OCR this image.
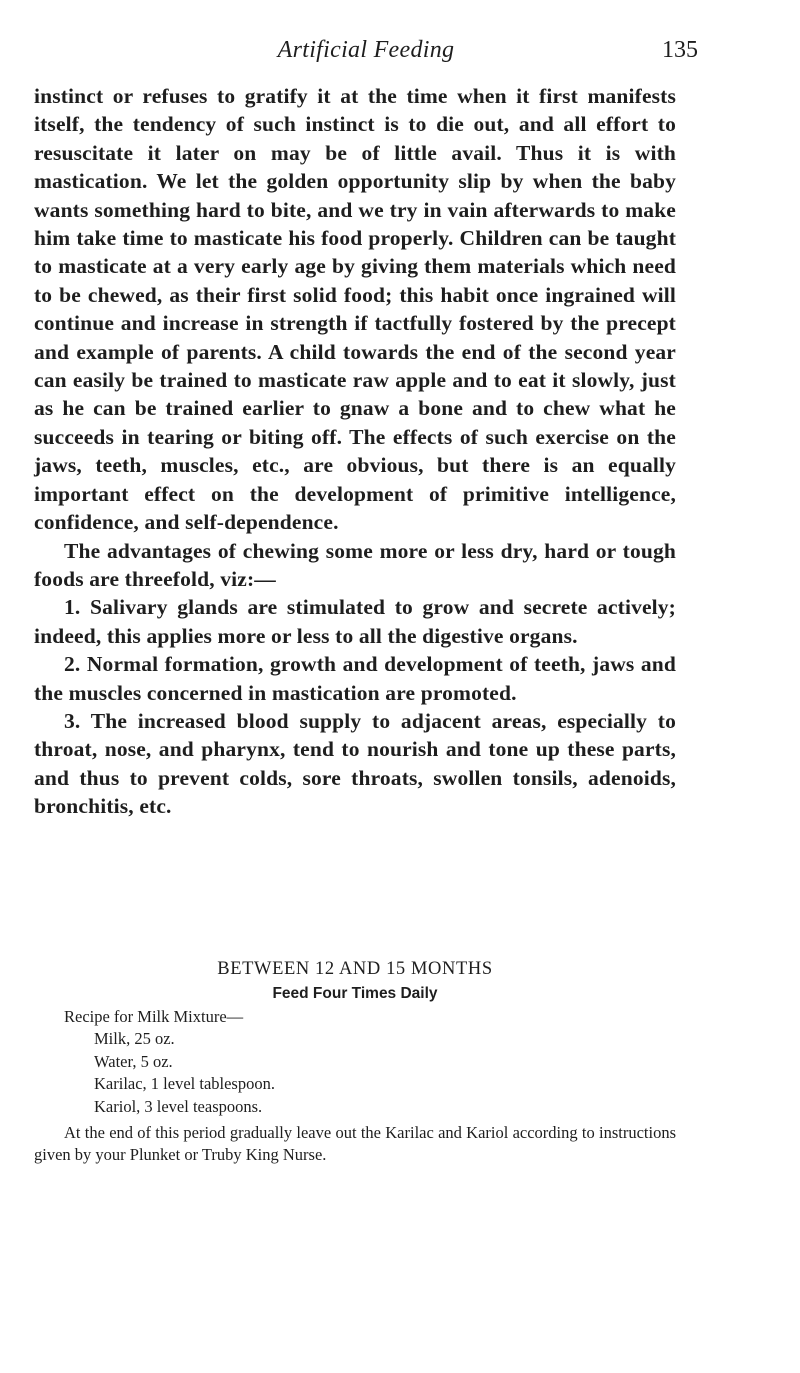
Artificial Feeding	135

instinct or refuses to gratify it at the time when it first manifests itself, the tendency of such instinct is to die out, and all effort to resuscitate it later on may be of little avail. Thus it is with mastication. We let the golden opportunity slip by when the baby wants something hard to bite, and we try in vain afterwards to make him take time to masticate his food properly. Children can be taught to masticate at a very early age by giving them materials which need to be chewed, as their first solid food; this habit once ingrained will continue and increase in strength if tactfully fostered by the precept and example of parents. A child towards the end of the second year can easily be trained to masticate raw apple and to eat it slowly, just as he can be trained earlier to gnaw a bone and to chew what he succeeds in tearing or biting off. The effects of such exercise on the jaws, teeth, muscles, etc., are obvious, but there is an equally important effect on the development of primitive intelligence, confidence, and self-dependence.

The advantages of chewing some more or less dry, hard or tough foods are threefold, viz:—

1. Salivary glands are stimulated to grow and secrete actively; indeed, this applies more or less to all the digestive organs.

2. Normal formation, growth and development of teeth, jaws and the muscles concerned in mastication are promoted.

3. The increased blood supply to adjacent areas, especially to throat, nose, and pharynx, tend to nourish and tone up these parts, and thus to prevent colds, sore throats, swollen tonsils, adenoids, bronchitis, etc.

BETWEEN 12 AND 15 MONTHS

Feed Four Times Daily

Recipe for Milk Mixture—

Milk, 25 oz.

Water, 5 oz.

Karilac, 1 level tablespoon.

Kariol, 3 level teaspoons.

At the end of this period gradually leave out the Karilac and Kariol according to instructions given by your Plunket or Truby King Nurse.
